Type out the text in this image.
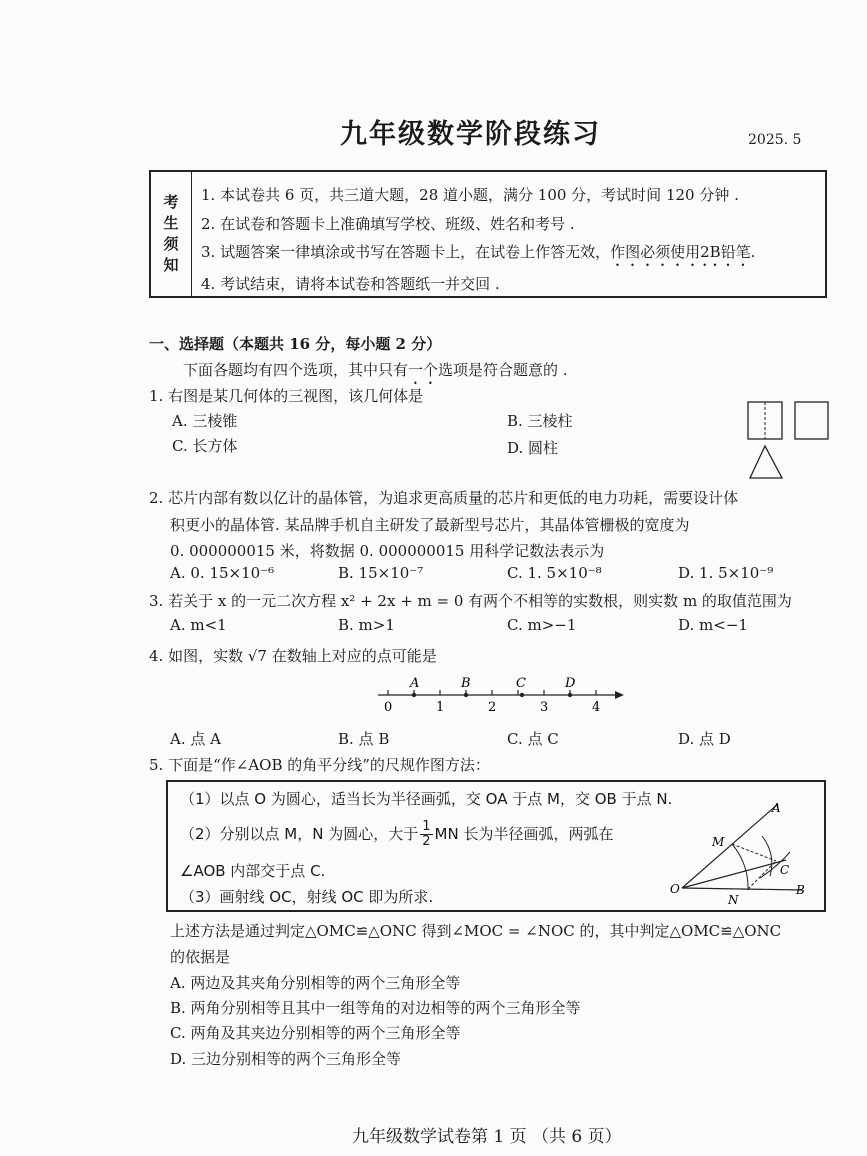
九年级数学阶段练习	2025. 5
考
生
须
知
1. 本试卷共 6 页，共三道大题，28 道小题，满分 100 分，考试时间 120 分钟 .
2. 在试卷和答题卡上准确填写学校、班级、姓名和考号 .
3. 试题答案一律填涂或书写在答题卡上，在试卷上作答无效，作图必须使用2B铅笔.
4. 考试结束，请将本试卷和答题纸一并交回 .
一、选择题（本题共 16 分，每小题 2 分）
下面各题均有四个选项，其中只有一个选项是符合题意的 .
1. 右图是某几何体的三视图，该几何体是
A. 三棱锥	B. 三棱柱
C. 长方体	D. 圆柱
2. 芯片内部有数以亿计的晶体管，为追求更高质量的芯片和更低的电力功耗，需要设计体
积更小的晶体管. 某品牌手机自主研发了最新型号芯片，其晶体管栅极的宽度为
0. 000000015 米，将数据 0. 000000015 用科学记数法表示为
A. 0. 15×10⁻⁶	B. 15×10⁻⁷	C. 1. 5×10⁻⁸	D. 1. 5×10⁻⁹
3. 若关于 x 的一元二次方程 x² + 2x + m = 0 有两个不相等的实数根，则实数 m 的取值范围为
A. m<1	B. m>1	C. m>−1	D. m<−1
4. 如图，实数 √7 在数轴上对应的点可能是
A	B	C	D
0	1	2	3	4
A. 点 A	B. 点 B	C. 点 C	D. 点 D
5. 下面是“作∠AOB 的角平分线”的尺规作图方法：
（1）以点 O 为圆心，适当长为半径画弧，交 OA 于点 M，交 OB 于点 N.
（2）分别以点 M，N 为圆心，大于 $\frac{1}{2}$ MN 长为半径画弧，两弧在
∠AOB 内部交于点 C.
（3）画射线 OC，射线 OC 即为所求.
A
M
C
O
N
B
上述方法是通过判定△OMC≌△ONC 得到∠MOC = ∠NOC 的，其中判定△OMC≌△ONC
的依据是
A. 两边及其夹角分别相等的两个三角形全等
B. 两角分别相等且其中一组等角的对边相等的两个三角形全等
C. 两角及其夹边分别相等的两个三角形全等
D. 三边分别相等的两个三角形全等
九年级数学试卷第 1 页 （共 6 页）
